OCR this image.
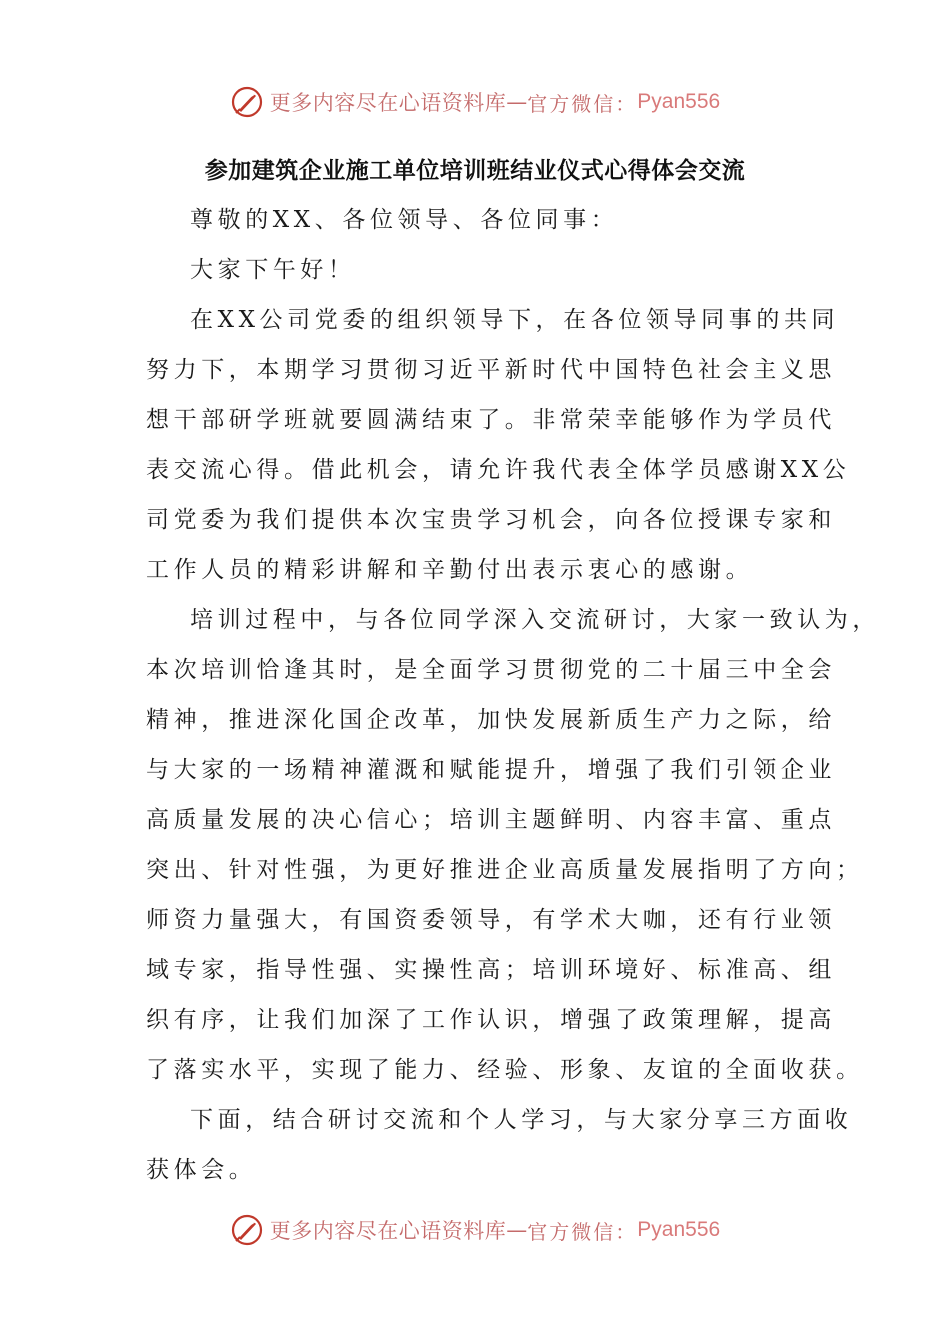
更多内容尽在心语资料库 — 官方微信： Pyan556
参加建筑企业施工单位培训班结业仪式心得体会交流
尊敬的XX、各位领导、各位同事：
大家下午好！
在XX公司党委的组织领导下，在各位领导同事的共同
努力下，本期学习贯彻习近平新时代中国特色社会主义思
想干部研学班就要圆满结束了。非常荣幸能够作为学员代
表交流心得。借此机会，请允许我代表全体学员感谢XX公
司党委为我们提供本次宝贵学习机会，向各位授课专家和
工作人员的精彩讲解和辛勤付出表示衷心的感谢。
培训过程中，与各位同学深入交流研讨，大家一致认为，
本次培训恰逢其时，是全面学习贯彻党的二十届三中全会
精神，推进深化国企改革，加快发展新质生产力之际，给
与大家的一场精神灌溉和赋能提升，增强了我们引领企业
高质量发展的决心信心；培训主题鲜明、内容丰富、重点
突出、针对性强，为更好推进企业高质量发展指明了方向；
师资力量强大，有国资委领导，有学术大咖，还有行业领
域专家，指导性强、实操性高；培训环境好、标准高、组
织有序，让我们加深了工作认识，增强了政策理解，提高
了落实水平，实现了能力、经验、形象、友谊的全面收获。
下面，结合研讨交流和个人学习，与大家分享三方面收
获体会。
更多内容尽在心语资料库 — 官方微信： Pyan556
